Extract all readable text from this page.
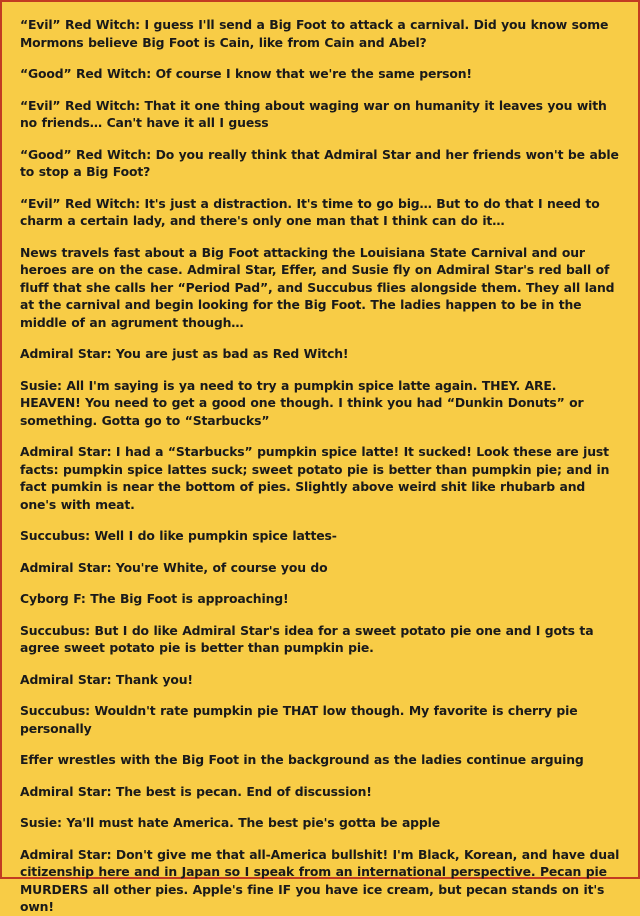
“Evil” Red Witch: I guess I'll send a Big Foot to attack a carnival. Did you know some Mormons believe Big Foot is Cain, like from Cain and Abel?

“Good” Red Witch: Of course I know that we're the same person!

“Evil” Red Witch: That it one thing about waging war on humanity it leaves you with no friends… Can't have it all I guess

“Good” Red Witch: Do you really think that Admiral Star and her friends won't be able to stop a Big Foot?

“Evil” Red Witch: It's just a distraction. It's time to go big… But to do that I need to charm a certain lady, and there's only one man that I think can do it…

News travels fast about a Big Foot attacking the Louisiana State Carnival and our heroes are on the case. Admiral Star, Effer, and Susie fly on Admiral Star's red ball of fluff that she calls her “Period Pad”, and Succubus flies alongside them. They all land at the carnival and begin looking for the Big Foot. The ladies happen to be in the middle of an agrument though…

Admiral Star: You are just as bad as Red Witch!

Susie: All I'm saying is ya need to try a pumpkin spice latte again. THEY. ARE. HEAVEN! You need to get a good one though. I think you had “Dunkin Donuts” or something. Gotta go to “Starbucks”

Admiral Star: I had a “Starbucks” pumpkin spice latte! It sucked! Look these are just facts: pumpkin spice lattes suck; sweet potato pie is better than pumpkin pie; and in fact pumkin is near the bottom of pies. Slightly above weird shit like rhubarb and one's with meat.

Succubus: Well I do like pumpkin spice lattes-

Admiral Star: You're White, of course you do

Cyborg F: The Big Foot is approaching!

Succubus: But I do like Admiral Star's idea for a sweet potato pie one and I gots ta agree sweet potato pie is better than pumpkin pie.

Admiral Star: Thank you!

Succubus: Wouldn't rate pumpkin pie THAT low though. My favorite is cherry pie personally

Effer wrestles with the Big Foot in the background as the ladies continue arguing

Admiral Star: The best is pecan. End of discussion!

Susie: Ya'll must hate America. The best pie's gotta be apple

Admiral Star: Don't give me that all-America bullshit! I'm Black, Korean, and have dual citizenship here and in Japan so I speak from an international perspective. Pecan pie MURDERS all other pies. Apple's fine IF you have ice cream, but pecan stands on it's own!
